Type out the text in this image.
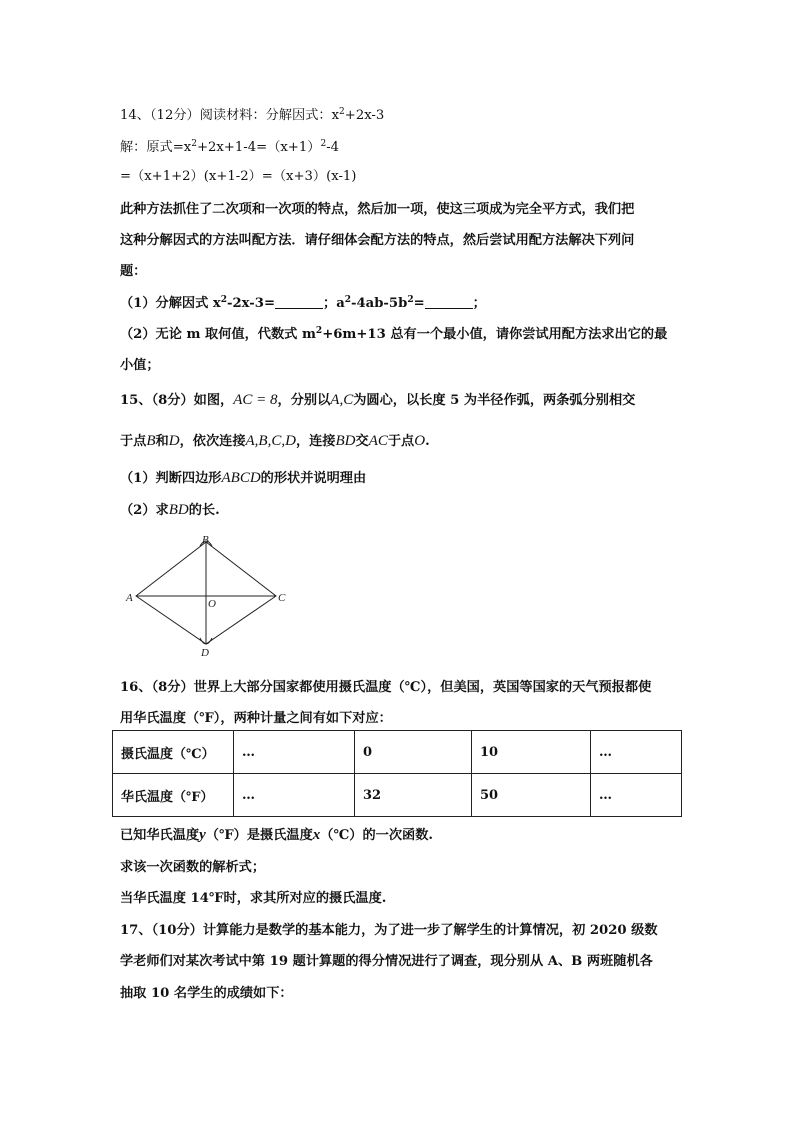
14、（12分）阅读材料：分解因式：$x^2+2x-3$
解：原式$=x^2+2x+1-4=(x+1)^2-4$
=（x+1+2）(x+1-2）=（x+3）(x-1)
此种方法抓住了二次项和一次项的特点，然后加一项，使这三项成为完全平方式，我们把
这种分解因式的方法叫配方法．请仔细体会配方法的特点，然后尝试用配方法解决下列问
题：
（1）分解因式 $x^2-2x-3=$	；$a^2-4ab-5b^2=$	；
（2）无论 m 取何值，代数式 $m^2+6m+13$ 总有一个最小值，请你尝试用配方法求出它的最
小值；
15、（8分）如图，AC = 8，分别以A,C为圆心，以长度 5 为半径作弧，两条弧分别相交
于点B和D，依次连接A,B,C,D，连接BD交AC于点O.
（1）判断四边形ABCD的形状并说明理由
（2）求BD的长.
B
A	C
O
D
16、（8分）世界上大部分国家都使用摄氏温度（℃），但美国，英国等国家的天气预报都使
用华氏温度（℉），两种计量之间有如下对应：
摄氏温度（℃）	…	0	10	…
华氏温度（℉）	…	32	50	…
已知华氏温度y（℉）是摄氏温度x（℃）的一次函数.
求该一次函数的解析式；
当华氏温度 14℉时，求其所对应的摄氏温度.
17、（10分）计算能力是数学的基本能力，为了进一步了解学生的计算情况，初 2020 级数
学老师们对某次考试中第 19 题计算题的得分情况进行了调查，现分别从 A、B 两班随机各
抽取 10 名学生的成绩如下：
